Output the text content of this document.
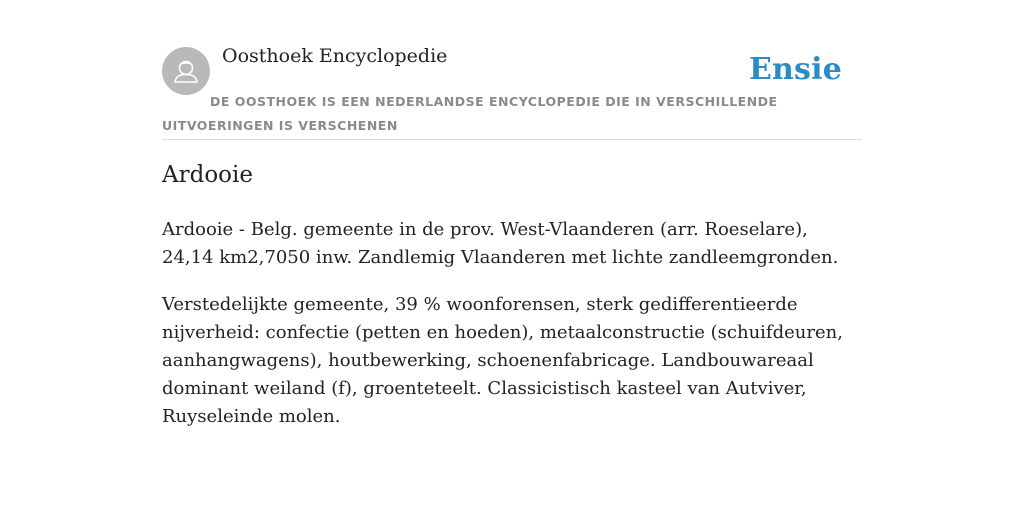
Oosthoek Encyclopedie	Ensie
DE OOSTHOEK IS EEN NEDERLANDSE ENCYCLOPEDIE DIE IN VERSCHILLENDE UITVOERINGEN IS VERSCHENEN
Ardooie

Ardooie - Belg. gemeente in de prov. West-Vlaanderen (arr. Roeselare), 24,14 km2,7050 inw. Zandlemig Vlaanderen met lichte zandleemgronden.

Verstedelijkte gemeente, 39 % woonforensen, sterk gedifferentieerde nijverheid: confectie (petten en hoeden), metaalconstructie (schuifdeuren, aanhangwagens), houtbewerking, schoenenfabricage. Landbouwareaal dominant weiland (f), groenteteelt. Classicistisch kasteel van Autviver, Ruyseleinde molen.
